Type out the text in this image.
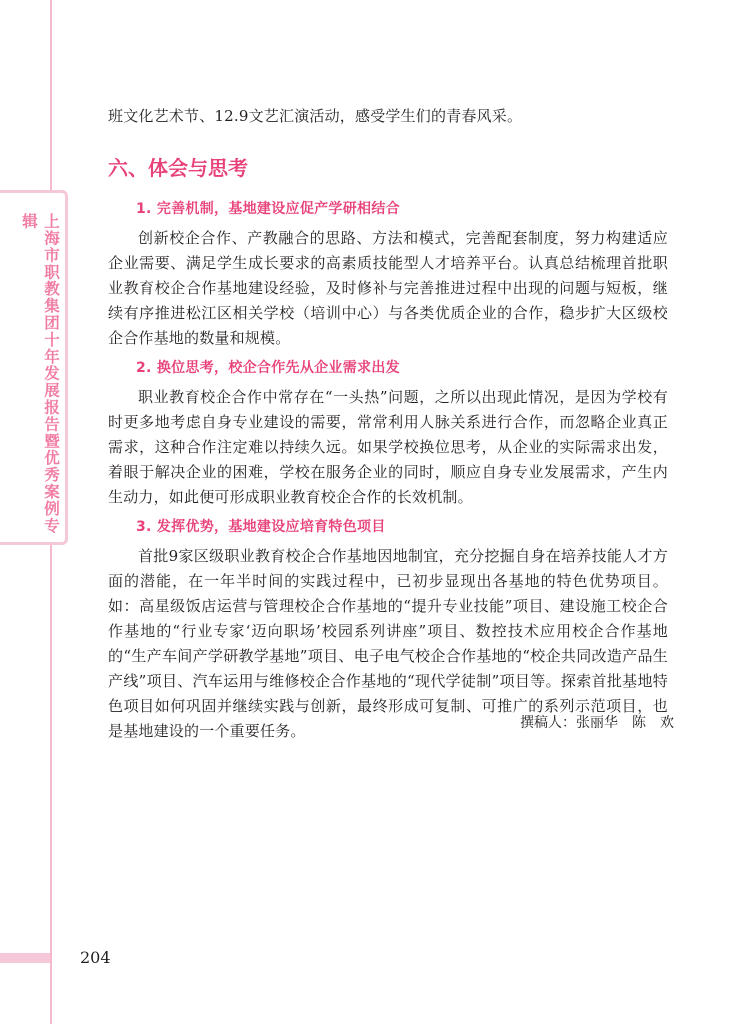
上海市职教集团十年发展报告暨优秀案例专辑

班文化艺术节、12.9文艺汇演活动，感受学生们的青春风采。

六、体会与思考
1. 完善机制，基地建设应促产学研相结合

创新校企合作、产教融合的思路、方法和模式，完善配套制度，努力构建适应企业需要、满足学生成长要求的高素质技能型人才培养平台。认真总结梳理首批职业教育校企合作基地建设经验，及时修补与完善推进过程中出现的问题与短板，继续有序推进松江区相关学校（培训中心）与各类优质企业的合作，稳步扩大区级校企合作基地的数量和规模。

2. 换位思考，校企合作先从企业需求出发

职业教育校企合作中常存在“一头热”问题，之所以出现此情况，是因为学校有时更多地考虑自身专业建设的需要，常常利用人脉关系进行合作，而忽略企业真正需求，这种合作注定难以持续久远。如果学校换位思考，从企业的实际需求出发，着眼于解决企业的困难，学校在服务企业的同时，顺应自身专业发展需求，产生内生动力，如此便可形成职业教育校企合作的长效机制。

3. 发挥优势，基地建设应培育特色项目

首批9家区级职业教育校企合作基地因地制宜，充分挖掘自身在培养技能人才方面的潜能，在一年半时间的实践过程中，已初步显现出各基地的特色优势项目。如：高星级饭店运营与管理校企合作基地的“提升专业技能”项目、建设施工校企合作基地的“行业专家‘迈向职场’校园系列讲座”项目、数控技术应用校企合作基地的“生产车间产学研教学基地”项目、电子电气校企合作基地的“校企共同改造产品生产线”项目、汽车运用与维修校企合作基地的“现代学徒制”项目等。探索首批基地特色项目如何巩固并继续实践与创新，最终形成可复制、可推广的系列示范项目，也是基地建设的一个重要任务。	撰稿人：张丽华　陈　欢
204
